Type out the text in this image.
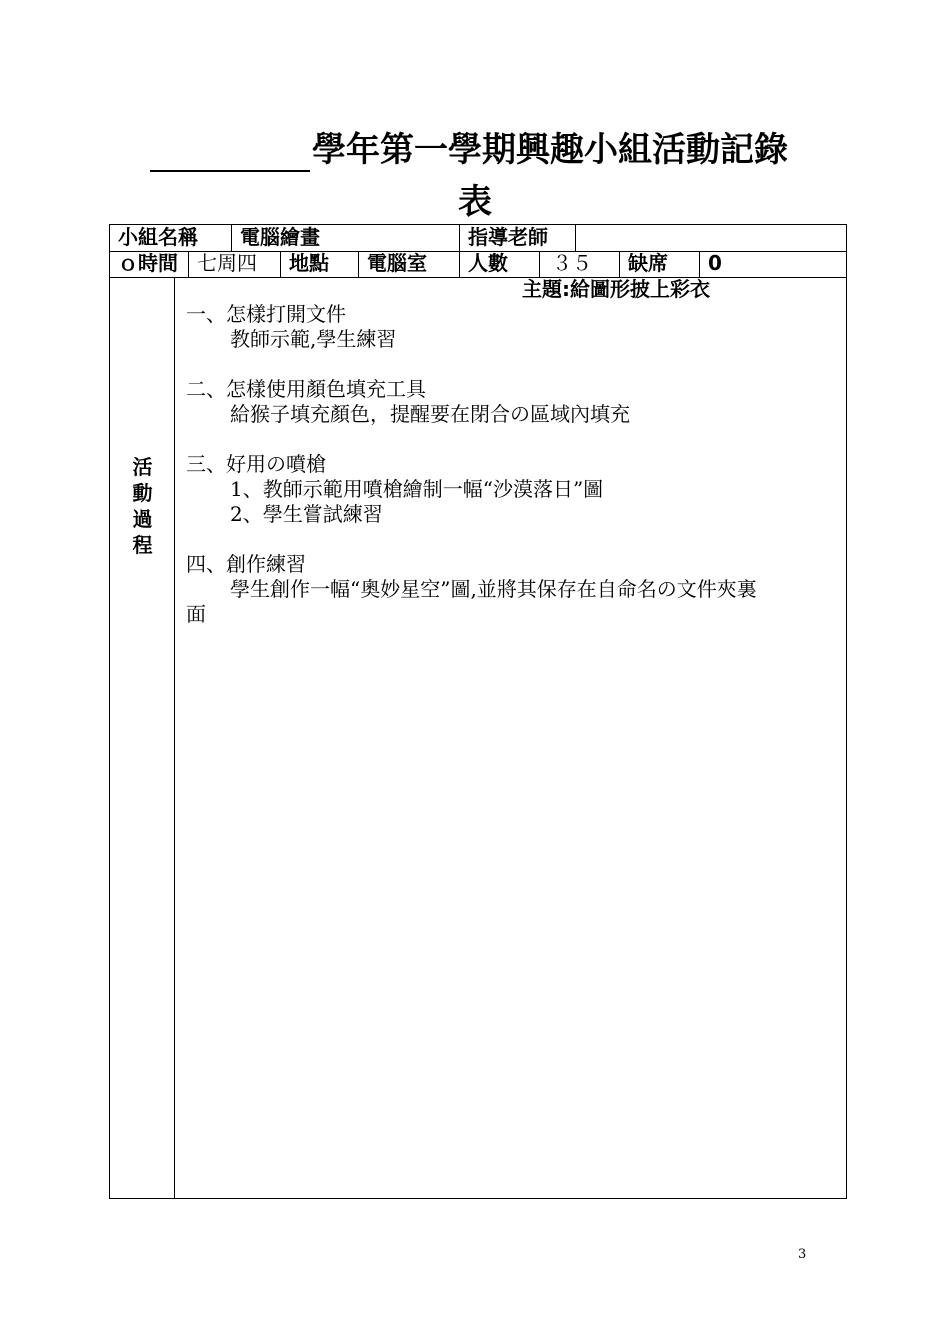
學年第一學期興趣小組活動記錄
表
小組名稱	電腦繪畫	指導老師
ｏ時間 七周四	地點	電腦室	人數	３５	缺席	0
活
動
過
程
主題:給圖形披上彩衣
一、怎樣打開文件
教師示範,學生練習
二、怎樣使用顏色填充工具
給猴子填充顏色，提醒要在閉合の區域內填充
三、好用の噴槍
1、教師示範用噴槍繪制一幅“沙漠落日”圖
2、學生嘗試練習
四、創作練習
學生創作一幅“奧妙星空”圖,並將其保存在自命名の文件夾裏
面
3
